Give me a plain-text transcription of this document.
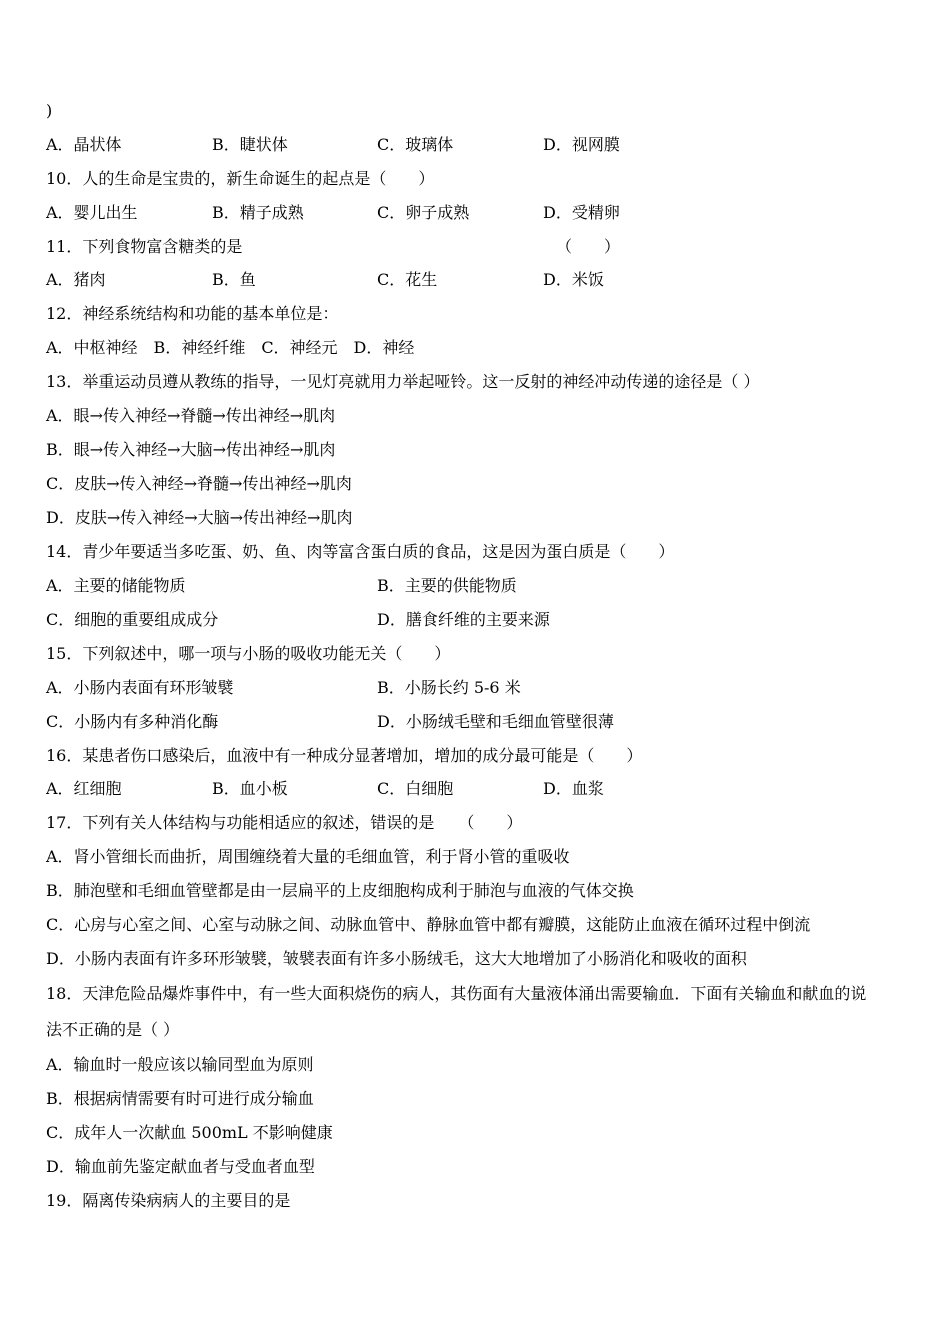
)
A．晶状体	B．睫状体	C．玻璃体	D．视网膜
10．人的生命是宝贵的，新生命诞生的起点是（　　）
A．婴儿出生	B．精子成熟	C．卵子成熟	D．受精卵
11．下列食物富含糖类的是	（　　）
A．猪肉	B．鱼	C．花生	D．米饭
12．神经系统结构和功能的基本单位是：
A．中枢神经　B．神经纤维　C．神经元　D．神经
13．举重运动员遵从教练的指导，一见灯亮就用力举起哑铃。这一反射的神经冲动传递的途径是（ ）
A．眼→传入神经→脊髓→传出神经→肌肉
B．眼→传入神经→大脑→传出神经→肌肉
C．皮肤→传入神经→脊髓→传出神经→肌肉
D．皮肤→传入神经→大脑→传出神经→肌肉
14．青少年要适当多吃蛋、奶、鱼、肉等富含蛋白质的食品，这是因为蛋白质是（　　）
A．主要的储能物质	B．主要的供能物质
C．细胞的重要组成成分	D．膳食纤维的主要来源
15．下列叙述中，哪一项与小肠的吸收功能无关（　　）
A．小肠内表面有环形皱襞	B．小肠长约 5-6 米
C．小肠内有多种消化酶	D．小肠绒毛壁和毛细血管壁很薄
16．某患者伤口感染后，血液中有一种成分显著增加，增加的成分最可能是（　　）
A．红细胞	B．血小板	C．白细胞	D．血浆
17．下列有关人体结构与功能相适应的叙述，错误的是　　（　　）
A．肾小管细长而曲折，周围缠绕着大量的毛细血管，利于肾小管的重吸收
B．肺泡壁和毛细血管壁都是由一层扁平的上皮细胞构成利于肺泡与血液的气体交换
C．心房与心室之间、心室与动脉之间、动脉血管中、静脉血管中都有瓣膜，这能防止血液在循环过程中倒流
D．小肠内表面有许多环形皱襞，皱襞表面有许多小肠绒毛，这大大地增加了小肠消化和吸收的面积
18．天津危险品爆炸事件中，有一些大面积烧伤的病人，其伤面有大量液体涌出需要输血．下面有关输血和献血的说
法不正确的是（ ）
A．输血时一般应该以输同型血为原则
B．根据病情需要有时可进行成分输血
C．成年人一次献血 500mL 不影响健康
D．输血前先鉴定献血者与受血者血型
19．隔离传染病病人的主要目的是
